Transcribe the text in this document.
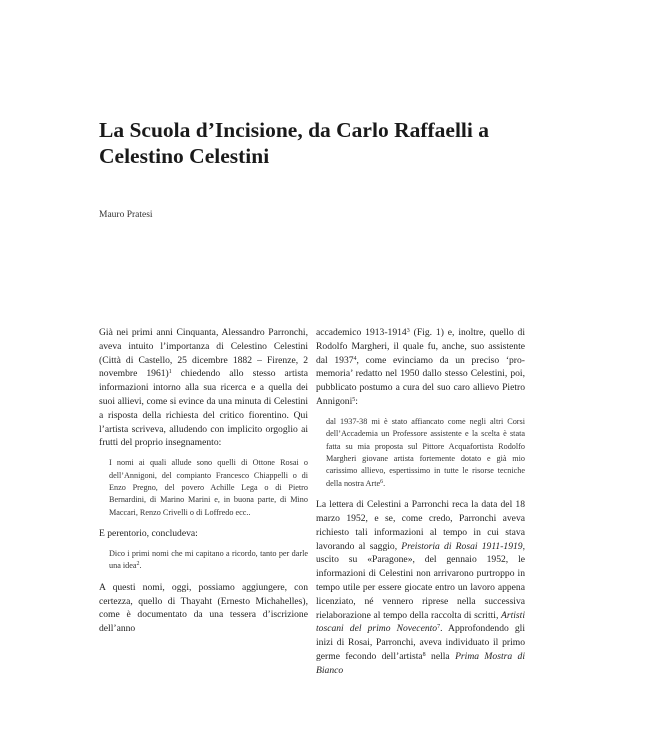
La Scuola d’Incisione, da Carlo Raffaelli a
Celestino Celestini
Mauro Pratesi

Già nei primi anni Cinquanta, Alessandro Parronchi, aveva intuito l’importanza di Celestino Celestini (Città di Castello, 25 dicembre 1882 – Firenze, 2 novembre 1961)$^1$ chiedendo allo stesso artista informazioni intorno alla sua ricerca e a quella dei suoi allievi, come si evince da una minuta di Celestini a risposta della richiesta del critico fiorentino. Qui l’artista scriveva, alludendo con implicito orgoglio ai frutti del proprio insegnamento:

I nomi ai quali allude sono quelli di Ottone Rosai o dell’Annigoni, del compianto Francesco Chiappelli o di Enzo Pregno, del povero Achille Lega o di Pietro Bernardini, di Marino Marini e, in buona parte, di Mino Maccari, Renzo Crivelli o di Loffredo ecc..

E perentorio, concludeva:

Dico i primi nomi che mi capitano a ricordo, tanto per darle una idea$^2$.

A questi nomi, oggi, possiamo aggiungere, con certezza, quello di Thayaht (Ernesto Michahelles), come è documentato da una tessera d’iscrizione dell’anno

accademico 1913-1914$^3$ (Fig. 1) e, inoltre, quello di Rodolfo Margheri, il quale fu, anche, suo assistente dal 1937$^4$, come evinciamo da un preciso ‘pro-memoria’ redatto nel 1950 dallo stesso Celestini, poi, pubblicato postumo a cura del suo caro allievo Pietro Annigoni$^5$:

dal 1937-38 mi è stato affiancato come negli altri Corsi dell’Accademia un Professore assistente e la scelta è stata fatta su mia proposta sul Pittore Acquafortista Rodolfo Margheri giovane artista fortemente dotato e già mio carissimo allievo, espertissimo in tutte le risorse tecniche della nostra Arte$^6$.

La lettera di Celestini a Parronchi reca la data del 18 marzo 1952, e se, come credo, Parronchi aveva richiesto tali informazioni al tempo in cui stava lavorando al saggio, Preistoria di Rosai 1911-1919, uscito su «Paragone», del gennaio 1952, le informazioni di Celestini non arrivarono purtroppo in tempo utile per essere giocate entro un lavoro appena licenziato, né vennero riprese nella successiva rielaborazione al tempo della raccolta di scritti, Artisti toscani del primo Novecento$^7$. Approfondendo gli inizi di Rosai, Parronchi, aveva individuato il primo germe fecondo dell’artista$^8$ nella Prima Mostra di Bianco
